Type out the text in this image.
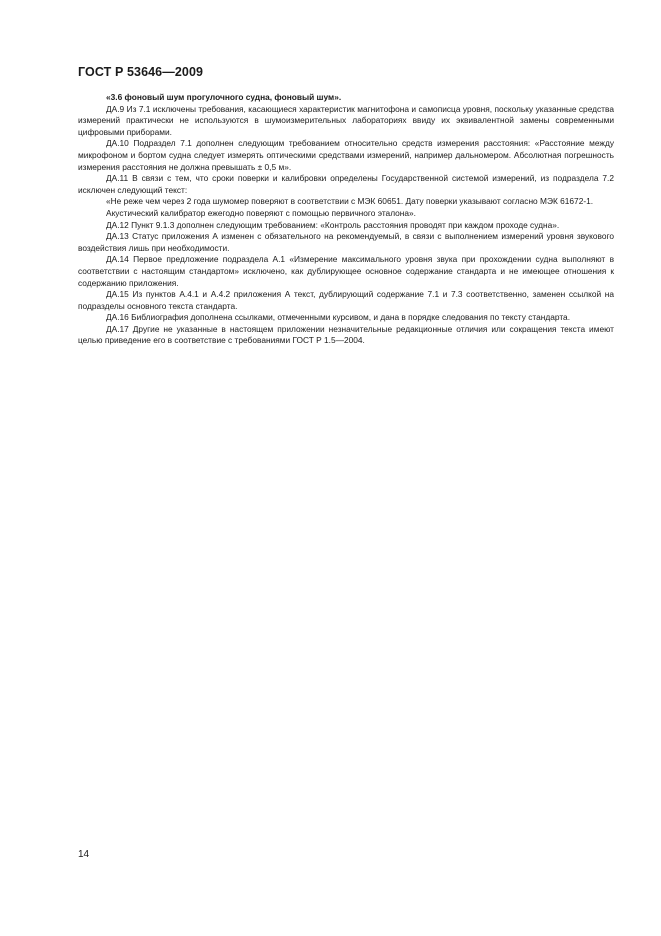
ГОСТ Р 53646—2009

«3.6 фоновый шум прогулочного судна, фоновый шум».

ДА.9 Из 7.1 исключены требования, касающиеся характеристик магнитофона и самописца уровня, поскольку указанные средства измерений практически не используются в шумоизмерительных лабораториях ввиду их эквивалентной замены современными цифровыми приборами.

ДА.10 Подраздел 7.1 дополнен следующим требованием относительно средств измерения расстояния: «Расстояние между микрофоном и бортом судна следует измерять оптическими средствами измерений, например дальномером. Абсолютная погрешность измерения расстояния не должна превышать ± 0,5 м».

ДА.11 В связи с тем, что сроки поверки и калибровки определены Государственной системой измерений, из подраздела 7.2 исключен следующий текст:

«Не реже чем через 2 года шумомер поверяют в соответствии с МЭК 60651. Дату поверки указывают согласно МЭК 61672-1.

Акустический калибратор ежегодно поверяют с помощью первичного эталона».

ДА.12 Пункт 9.1.3 дополнен следующим требованием: «Контроль расстояния проводят при каждом проходе судна».

ДА.13 Статус приложения А изменен с обязательного на рекомендуемый, в связи с выполнением измерений уровня звукового воздействия лишь при необходимости.

ДА.14 Первое предложение подраздела А.1 «Измерение максимального уровня звука при прохождении судна выполняют в соответствии с настоящим стандартом» исключено, как дублирующее основное содержание стандарта и не имеющее отношения к содержанию приложения.

ДА.15 Из пунктов А.4.1 и А.4.2 приложения А текст, дублирующий содержание 7.1 и 7.3 соответственно, заменен ссылкой на подразделы основного текста стандарта.

ДА.16 Библиография дополнена ссылками, отмеченными курсивом, и дана в порядке следования по тексту стандарта.

ДА.17 Другие не указанные в настоящем приложении незначительные редакционные отличия или сокращения текста имеют целью приведение его в соответствие с требованиями ГОСТ Р 1.5—2004.

14
